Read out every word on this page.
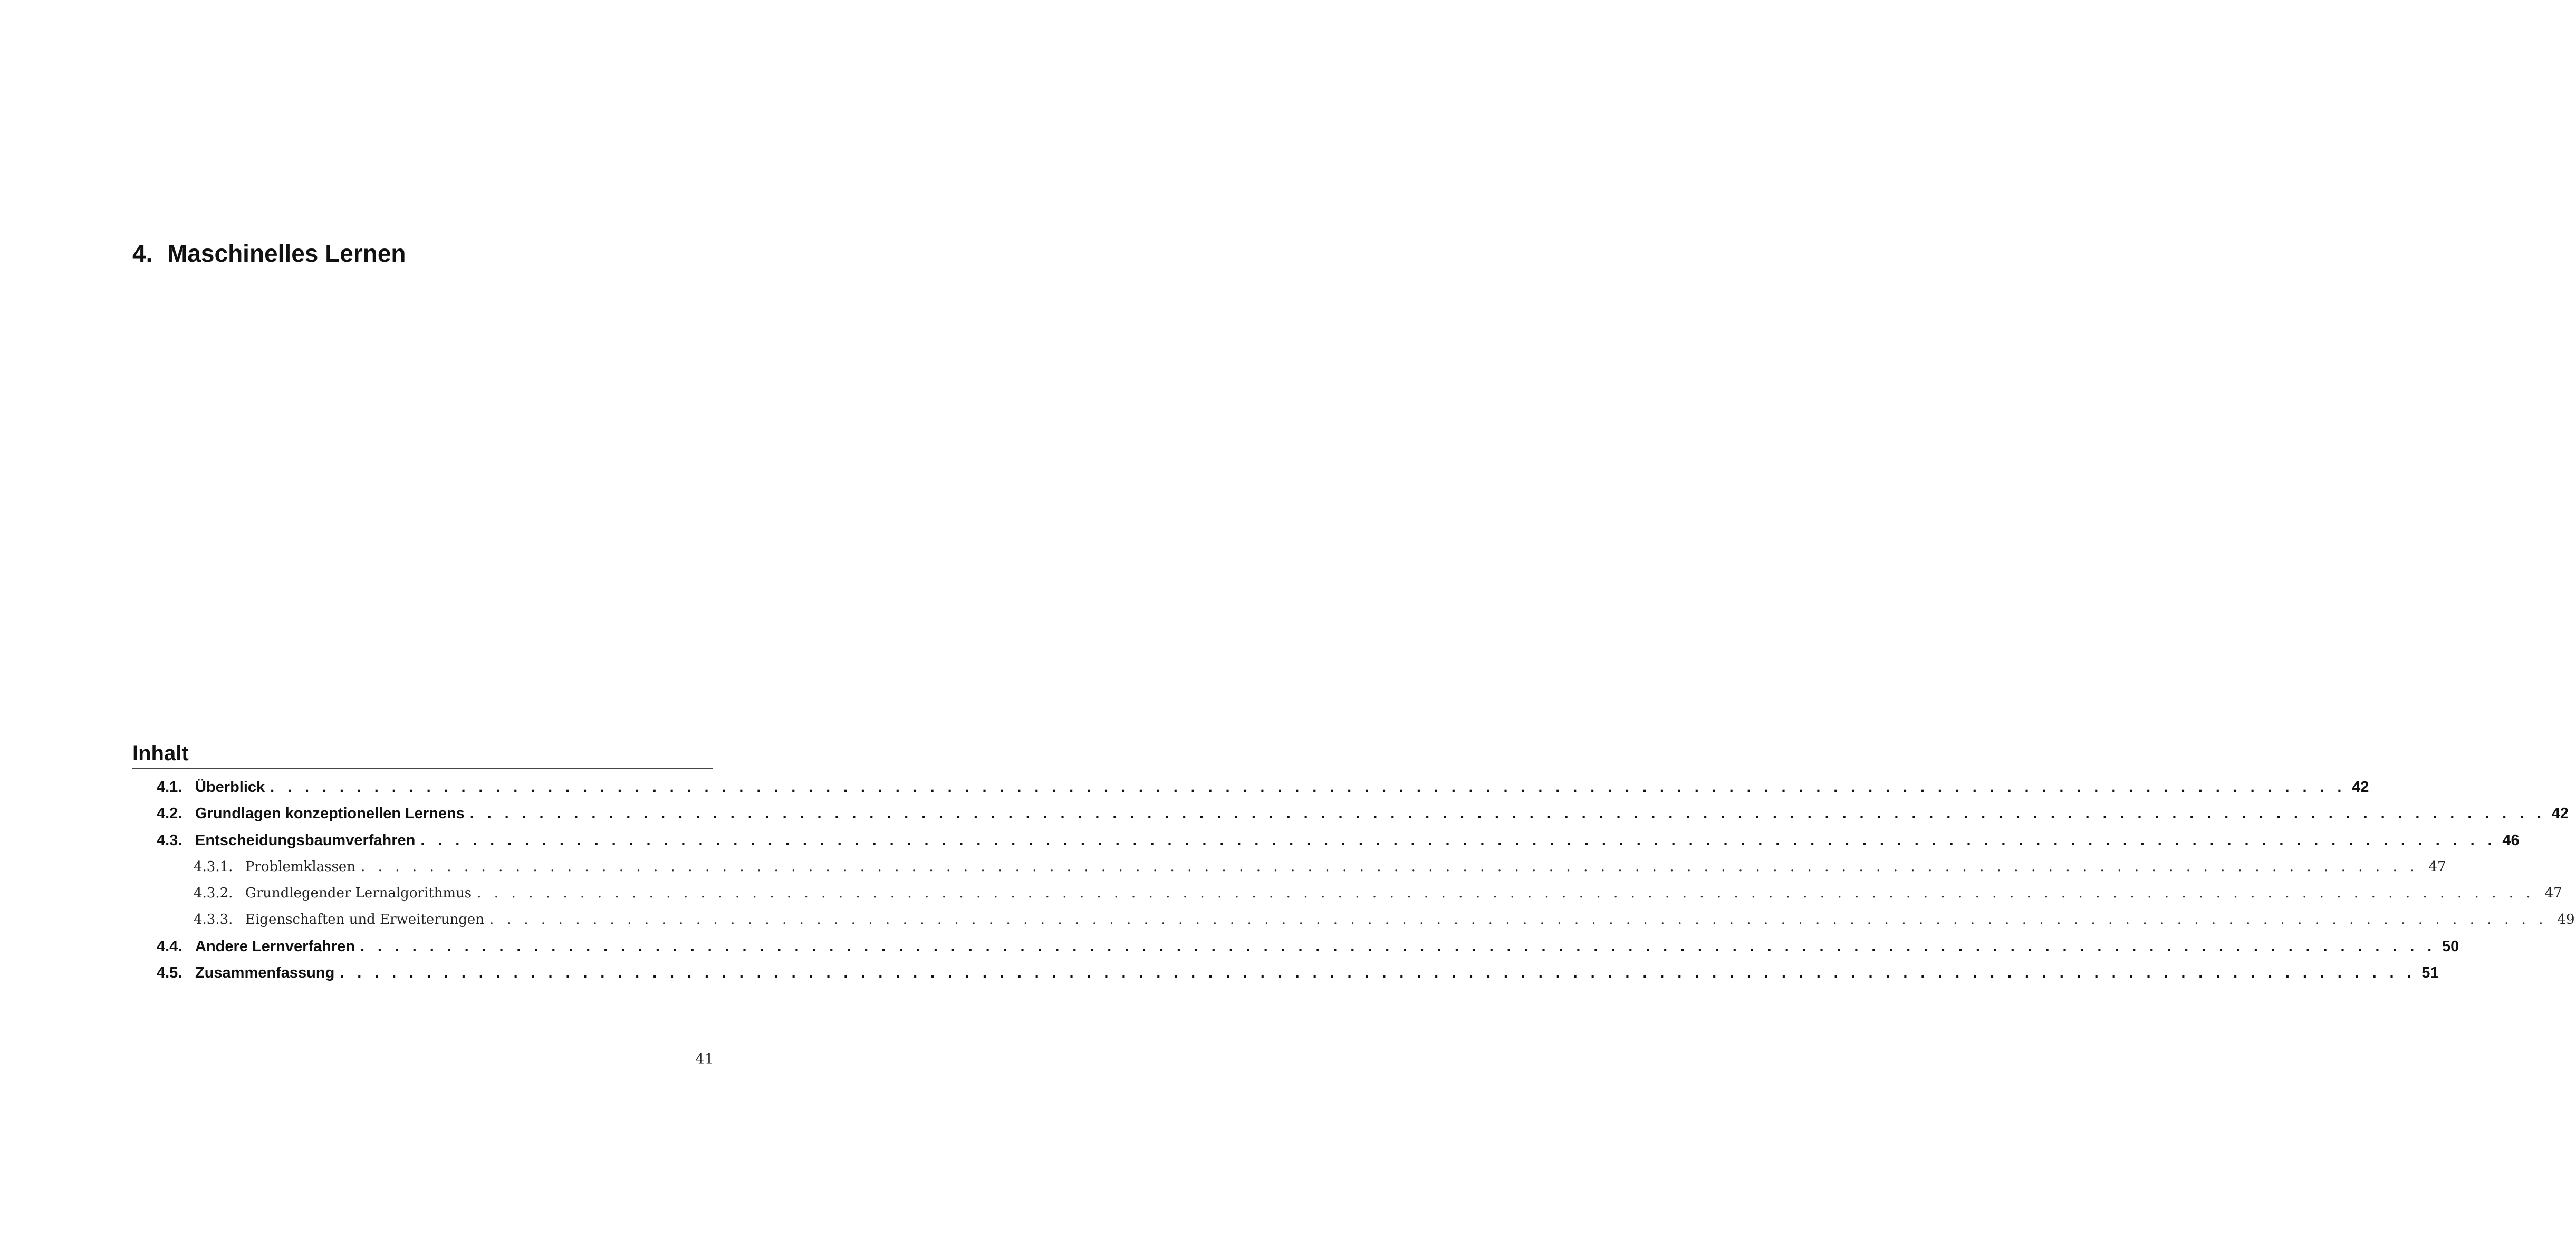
4. Maschinelles Lernen
Inhalt
4.1. Überblick . . . . . . . . . . . . . . . . . . . . . . . . . . . . . . . . . . . . . . . . . . . . . . . . . . . . . . . . . . . . . . . . . . . . . . . . . . . . . . . . . . . . . . . . . . . . . . . . . . . . . . . . . . . . . . . . . . . . . . . . 42
4.2. Grundlagen konzeptionellen Lernens . . . . . . . . . . . . . . . . . . . . . . . . . . . . . . . . . . . . . . . . . . . . . . . . . . . . . . . . . . . . . . . . . . . . . . . . . . . . . . . . . . . . . . . . . . . . . . . . . . . . . . . . . . . . . . . . . . . . . . . . 42
4.3. Entscheidungsbaumverfahren . . . . . . . . . . . . . . . . . . . . . . . . . . . . . . . . . . . . . . . . . . . . . . . . . . . . . . . . . . . . . . . . . . . . . . . . . . . . . . . . . . . . . . . . . . . . . . . . . . . . . . . . . . . . . . . . . . . . . . . . 46
4.3.1. Problemklassen . . . . . . . . . . . . . . . . . . . . . . . . . . . . . . . . . . . . . . . . . . . . . . . . . . . . . . . . . . . . . . . . . . . . . . . . . . . . . . . . . . . . . . . . . . . . . . . . . . . . . . . . . . . . . . . . . . . . . . . .	47
4.3.2. Grundlegender Lernalgorithmus . . . . . . . . . . . . . . . . . . . . . . . . . . . . . . . . . . . . . . . . . . . . . . . . . . . . . . . . . . . . . . . . . . . . . . . . . . . . . . . . . . . . . . . . . . . . . . . . . . . . . . . . . . . . . . . . . . . . . . . .	47
4.3.3. Eigenschaften und Erweiterungen . . . . . . . . . . . . . . . . . . . . . . . . . . . . . . . . . . . . . . . . . . . . . . . . . . . . . . . . . . . . . . . . . . . . . . . . . . . . . . . . . . . . . . . . . . . . . . . . . . . . . . . . . . . . . . . . . . . . . . . .	49
4.4. Andere Lernverfahren . . . . . . . . . . . . . . . . . . . . . . . . . . . . . . . . . . . . . . . . . . . . . . . . . . . . . . . . . . . . . . . . . . . . . . . . . . . . . . . . . . . . . . . . . . . . . . . . . . . . . . . . . . . . . . . . . . . . . . . . 50
4.5. Zusammenfassung . . . . . . . . . . . . . . . . . . . . . . . . . . . . . . . . . . . . . . . . . . . . . . . . . . . . . . . . . . . . . . . . . . . . . . . . . . . . . . . . . . . . . . . . . . . . . . . . . . . . . . . . . . . . . . . . . . . . . . . . 51

41
